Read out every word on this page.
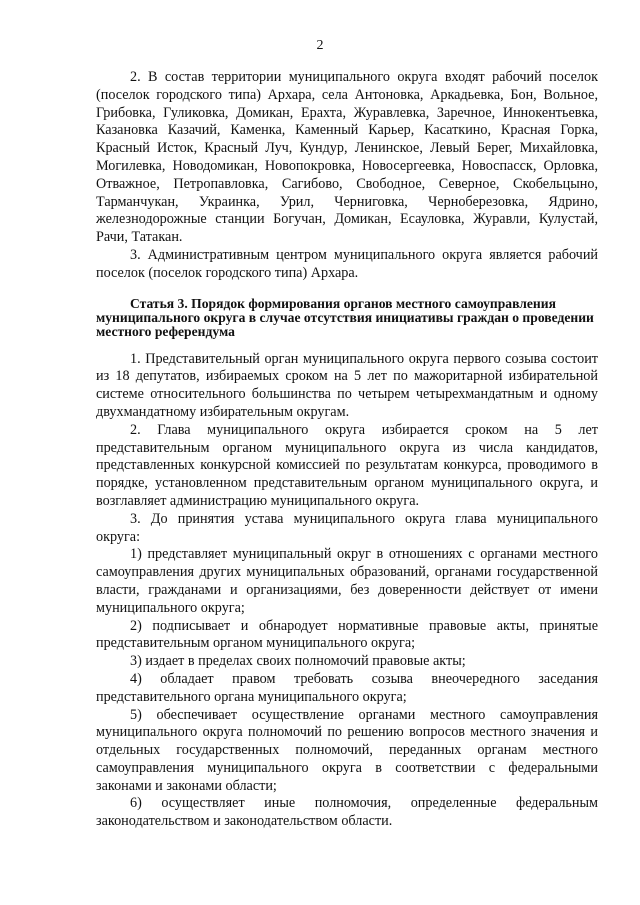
2

2. В состав территории муниципального округа входят рабочий поселок (поселок городского типа) Архара, села Антоновка, Аркадьевка, Бон, Вольное, Грибовка, Гуликовка, Домикан, Ерахта, Журавлевка, Заречное, Иннокентьевка, Казановка Казачий, Каменка, Каменный Карьер, Касаткино, Красная Горка, Красный Исток, Красный Луч, Кундур, Ленинское, Левый Берег, Михайловка, Могилевка, Новодомикан, Новопокровка, Новосергеевка, Новоспасск, Орловка, Отважное, Петропавловка, Сагибово, Свободное, Северное, Скобельцыно, Тарманчукан, Украинка, Урил, Черниговка, Черноберезовка, Ядрино, железнодорожные станции Богучан, Домикан, Есауловка, Журавли, Кулустай, Рачи, Татакан.

3. Административным центром муниципального округа является рабочий поселок (поселок городского типа) Архара.

Статья 3. Порядок формирования органов местного самоуправления муниципального округа в случае отсутствия инициативы граждан о проведении местного референдума

1. Представительный орган муниципального округа первого созыва состоит из 18 депутатов, избираемых сроком на 5 лет по мажоритарной избирательной системе относительного большинства по четырем четырехмандатным и одному двухмандатному избирательным округам.

2. Глава муниципального округа избирается сроком на 5 лет представительным органом муниципального округа из числа кандидатов, представленных конкурсной комиссией по результатам конкурса, проводимого в порядке, установленном представительным органом муниципального округа, и возглавляет администрацию муниципального округа.

3. До принятия устава муниципального округа глава муниципального округа:

1) представляет муниципальный округ в отношениях с органами местного самоуправления других муниципальных образований, органами государственной власти, гражданами и организациями, без доверенности действует от имени муниципального округа;

2) подписывает и обнародует нормативные правовые акты, принятые представительным органом муниципального округа;

3) издает в пределах своих полномочий правовые акты;

4) обладает правом требовать созыва внеочередного заседания представительного органа муниципального округа;

5) обеспечивает осуществление органами местного самоуправления муниципального округа полномочий по решению вопросов местного значения и отдельных государственных полномочий, переданных органам местного самоуправления муниципального округа в соответствии с федеральными законами и законами области;

6) осуществляет иные полномочия, определенные федеральным законодательством и законодательством области.
